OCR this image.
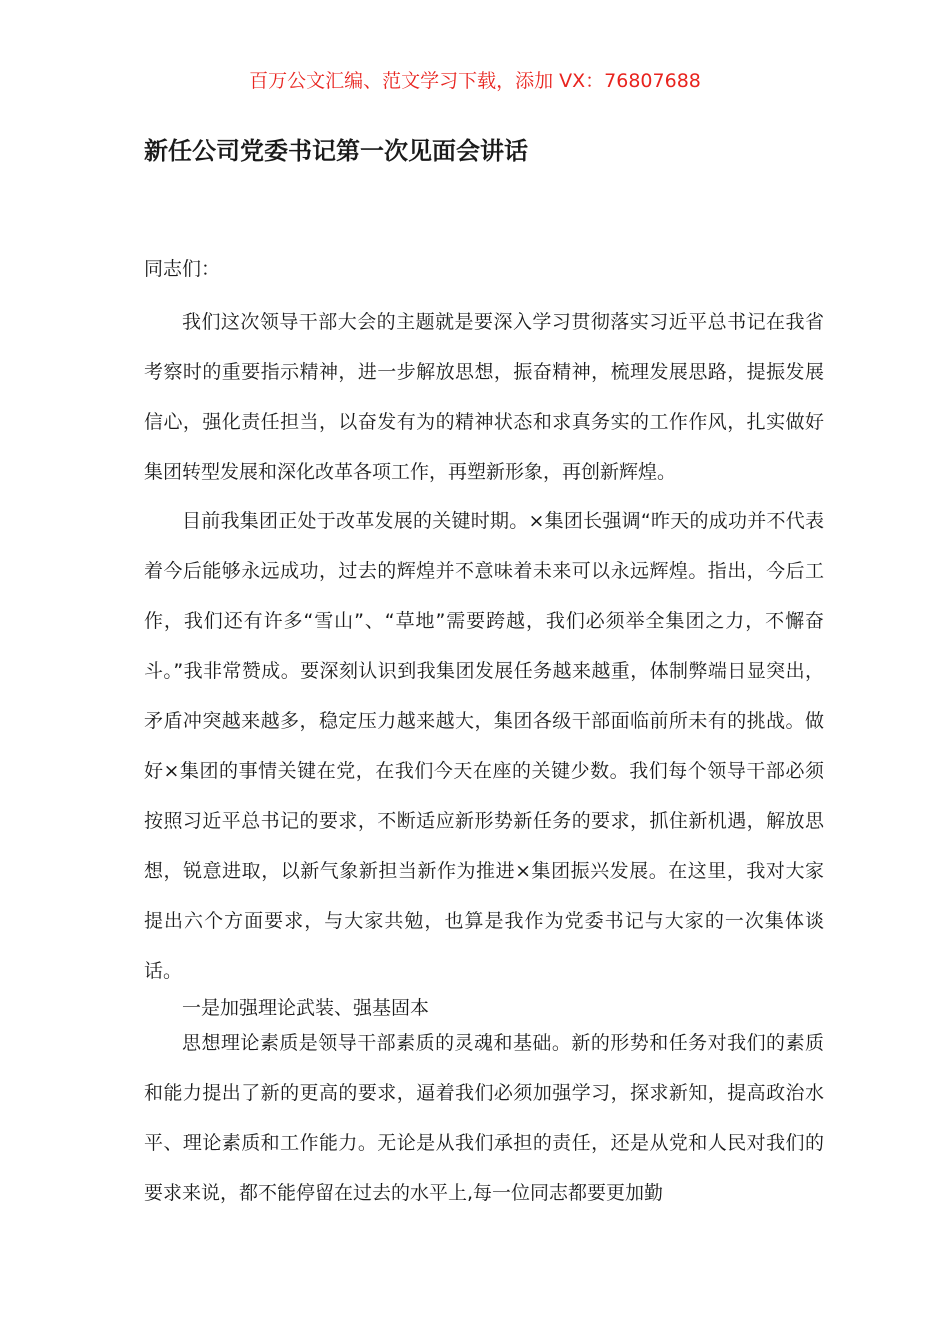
百万公文汇编、范文学习下载，添加 VX：76807688

新任公司党委书记第一次见面会讲话

同志们：

我们这次领导干部大会的主题就是要深入学习贯彻落实习近平总书记在我省考察时的重要指示精神，进一步解放思想，振奋精神，梳理发展思路，提振发展信心，强化责任担当，以奋发有为的精神状态和求真务实的工作作风，扎实做好集团转型发展和深化改革各项工作，再塑新形象，再创新辉煌。

目前我集团正处于改革发展的关键时期。×集团长强调“昨天的成功并不代表着今后能够永远成功，过去的辉煌并不意味着未来可以永远辉煌。指出，今后工作，我们还有许多“雪山”、“草地”需要跨越，我们必须举全集团之力，不懈奋斗。”我非常赞成。要深刻认识到我集团发展任务越来越重，体制弊端日显突出，矛盾冲突越来越多，稳定压力越来越大，集团各级干部面临前所未有的挑战。做好×集团的事情关键在党，在我们今天在座的关键少数。我们每个领导干部必须按照习近平总书记的要求，不断适应新形势新任务的要求，抓住新机遇，解放思想，锐意进取，以新气象新担当新作为推进×集团振兴发展。在这里，我对大家提出六个方面要求，与大家共勉，也算是我作为党委书记与大家的一次集体谈话。

一是加强理论武装、强基固本

思想理论素质是领导干部素质的灵魂和基础。新的形势和任务对我们的素质和能力提出了新的更高的要求，逼着我们必须加强学习，探求新知，提高政治水平、理论素质和工作能力。无论是从我们承担的责任，还是从党和人民对我们的要求来说，都不能停留在过去的水平上,每一位同志都要更加勤
